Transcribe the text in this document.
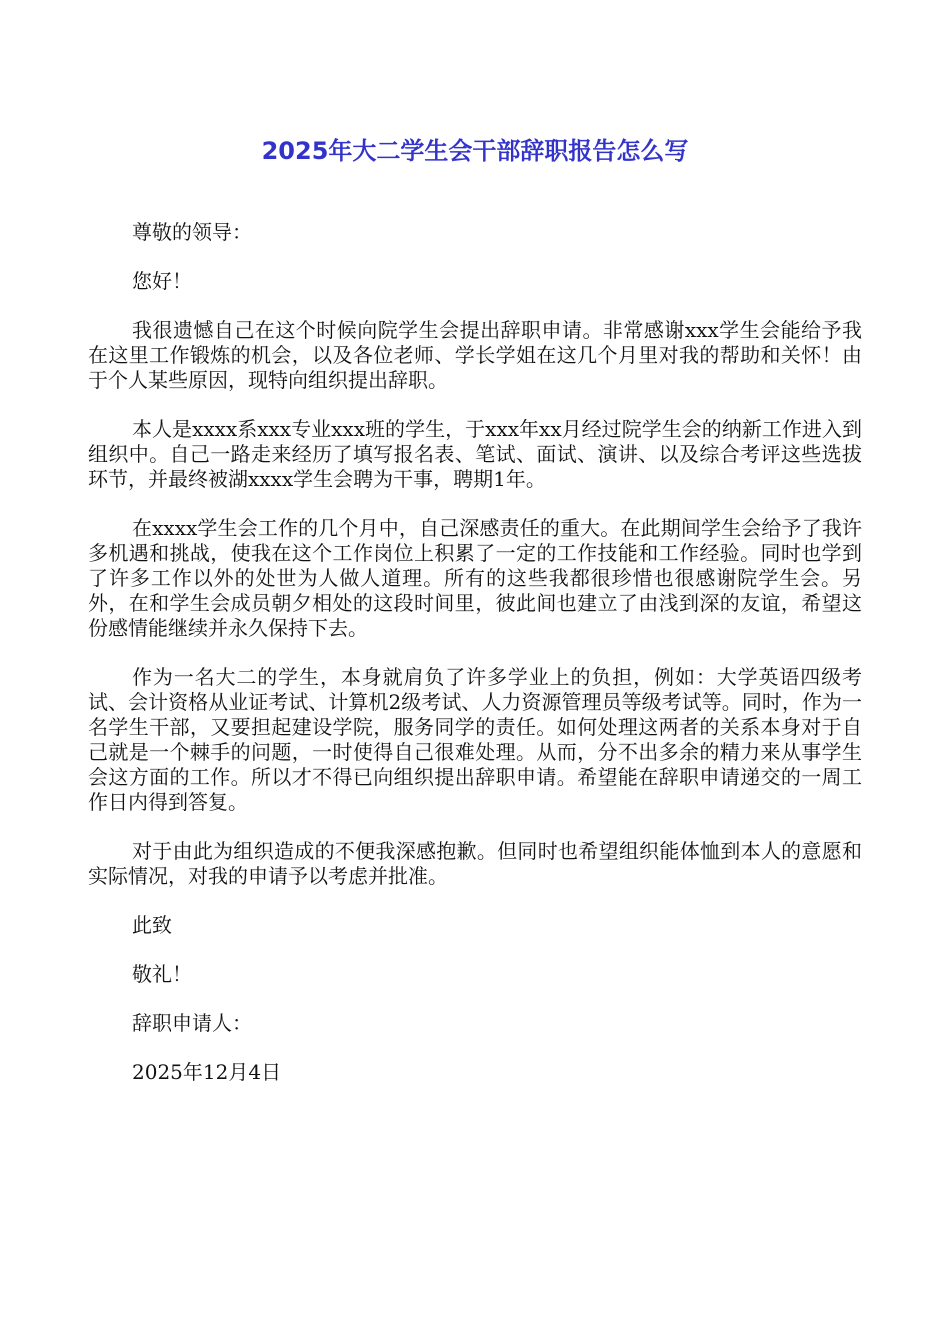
2025年大二学生会干部辞职报告怎么写

尊敬的领导：

您好！

我很遗憾自己在这个时候向院学生会提出辞职申请。非常感谢xxx学生会能给予我在这里工作锻炼的机会，以及各位老师、学长学姐在这几个月里对我的帮助和关怀！由于个人某些原因，现特向组织提出辞职。

本人是xxxx系xxx专业xxx班的学生，于xxx年xx月经过院学生会的纳新工作进入到组织中。自己一路走来经历了填写报名表、笔试、面试、演讲、以及综合考评这些选拔环节，并最终被湖xxxx学生会聘为干事，聘期1年。

在xxxx学生会工作的几个月中，自己深感责任的重大。在此期间学生会给予了我许多机遇和挑战，使我在这个工作岗位上积累了一定的工作技能和工作经验。同时也学到了许多工作以外的处世为人做人道理。所有的这些我都很珍惜也很感谢院学生会。另外，在和学生会成员朝夕相处的这段时间里，彼此间也建立了由浅到深的友谊，希望这份感情能继续并永久保持下去。

作为一名大二的学生，本身就肩负了许多学业上的负担，例如：大学英语四级考试、会计资格从业证考试、计算机2级考试、人力资源管理员等级考试等。同时，作为一名学生干部，又要担起建设学院，服务同学的责任。如何处理这两者的关系本身对于自己就是一个棘手的问题，一时使得自己很难处理。从而，分不出多余的精力来从事学生会这方面的工作。所以才不得已向组织提出辞职申请。希望能在辞职申请递交的一周工作日内得到答复。

对于由此为组织造成的不便我深感抱歉。但同时也希望组织能体恤到本人的意愿和实际情况，对我的申请予以考虑并批准。

此致

敬礼！

辞职申请人：

2025年12月4日
